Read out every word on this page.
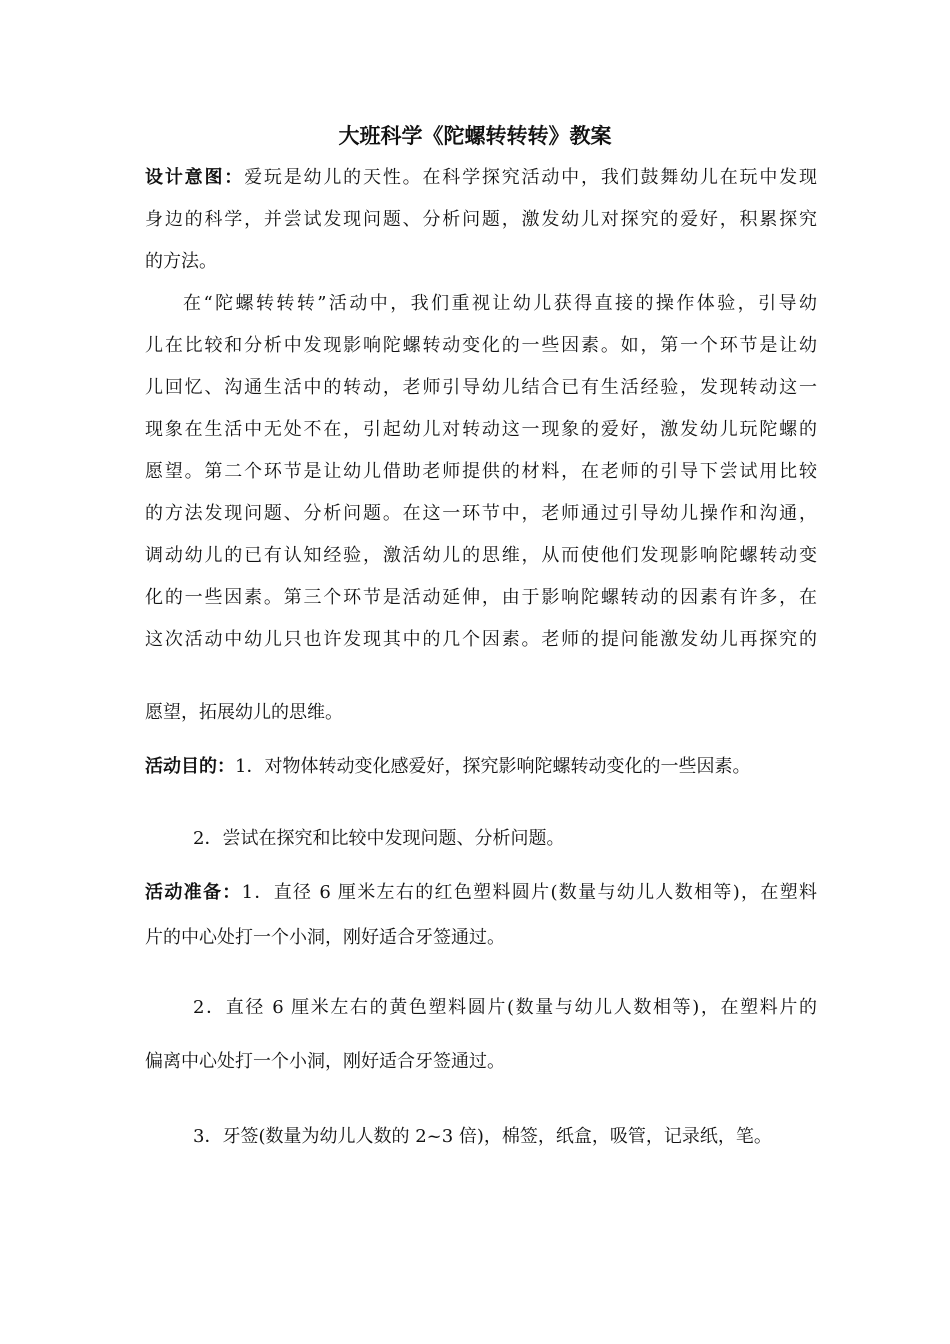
大班科学《陀螺转转转》教案
设计意图：爱玩是幼儿的天性。在科学探究活动中，我们鼓舞幼儿在玩中发现
身边的科学，并尝试发现问题、分析问题，激发幼儿对探究的爱好，积累探究
的方法。
在“陀螺转转转”活动中，我们重视让幼儿获得直接的操作体验，引导幼
儿在比较和分析中发现影响陀螺转动变化的一些因素。如，第一个环节是让幼
儿回忆、沟通生活中的转动，老师引导幼儿结合已有生活经验，发现转动这一
现象在生活中无处不在，引起幼儿对转动这一现象的爱好，激发幼儿玩陀螺的
愿望。第二个环节是让幼儿借助老师提供的材料，在老师的引导下尝试用比较
的方法发现问题、分析问题。在这一环节中，老师通过引导幼儿操作和沟通，
调动幼儿的已有认知经验，激活幼儿的思维，从而使他们发现影响陀螺转动变
化的一些因素。第三个环节是活动延伸，由于影响陀螺转动的因素有许多，在
这次活动中幼儿只也许发现其中的几个因素。老师的提问能激发幼儿再探究的
愿望，拓展幼儿的思维。
活动目的：1．对物体转动变化感爱好，探究影响陀螺转动变化的一些因素。
2．尝试在探究和比较中发现问题、分析问题。
活动准备：1．直径 6 厘米左右的红色塑料圆片(数量与幼儿人数相等)，在塑料
片的中心处打一个小洞，刚好适合牙签通过。
2．直径 6 厘米左右的黄色塑料圆片(数量与幼儿人数相等)，在塑料片的
偏离中心处打一个小洞，刚好适合牙签通过。
3．牙签(数量为幼儿人数的 2~3 倍)，棉签，纸盒，吸管，记录纸，笔。
